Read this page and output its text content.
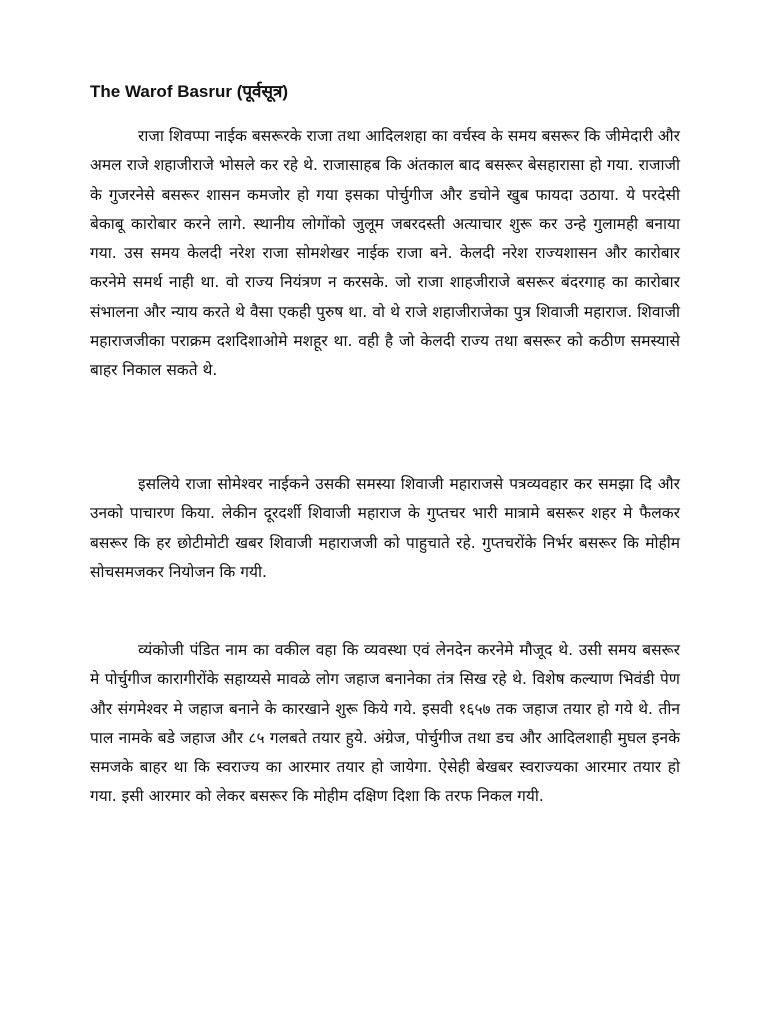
The Warof Basrur (पूर्वसूत्र)

राजा शिवप्पा नाईक बसरूरके राजा तथा आदिलशहा का वर्चस्व के समय बसरूर कि जीमेदारी और अमल राजे शहाजीराजे भोसले कर रहे थे. राजासाहब कि अंतकाल बाद बसरूर बेसहारासा हो गया. राजाजी के गुजरनेसे बसरूर शासन कमजोर हो गया इसका पोर्चुगीज और डचोने खुब फायदा उठाया. ये परदेसी बेकाबू कारोबार करने लागे. स्थानीय लोगोंको जुलूम जबरदस्ती अत्याचार शुरू कर उन्हे गुलामही बनाया गया. उस समय केलदी नरेश राजा सोमशेखर नाईक राजा बने. केलदी नरेश राज्यशासन और कारोबार करनेमे समर्थ नाही था. वो राज्य नियंत्रण न करसके. जो राजा शाहजीराजे बसरूर बंदरगाह का कारोबार संभालना और न्याय करते थे वैसा एकही पुरुष था. वो थे राजे शहाजीराजेका पुत्र शिवाजी महाराज. शिवाजी महाराजजीका पराक्रम दशदिशाओमे मशहूर था. वही है जो केलदी राज्य तथा बसरूर को कठीण समस्यासे बाहर निकाल सकते थे.

इसलिये राजा सोमेश्वर नाईकने उसकी समस्या शिवाजी महाराजसे पत्रव्यवहार कर समझा दि और उनको पाचारण किया. लेकीन दूरदर्शी शिवाजी महाराज के गुप्तचर भारी मात्रामे बसरूर शहर मे फैलकर बसरूर कि हर छोटीमोटी खबर शिवाजी महाराजजी को पाहुचाते रहे. गुप्तचरोंके निर्भर बसरूर कि मोहीम सोचसमजकर नियोजन कि गयी.

व्यंकोजी पंडित नाम का वकील वहा कि व्यवस्था एवं लेनदेन करनेमे मौजूद थे. उसी समय बसरूर मे पोर्चुगीज कारागीरोंके सहाय्यसे मावळे लोग जहाज बनानेका तंत्र सिख रहे थे. विशेष कल्याण भिवंडी पेण और संगमेश्वर मे जहाज बनाने के कारखाने शुरू किये गये. इसवी १६५७ तक जहाज तयार हो गये थे. तीन पाल नामके बडे जहाज और ८५ गलबते तयार हुये. अंग्रेज, पोर्चुगीज तथा डच और आदिलशाही मुघल इनके समजके बाहर था कि स्वराज्य का आरमार तयार हो जायेगा. ऐसेही बेखबर स्वराज्यका आरमार तयार हो गया. इसी आरमार को लेकर बसरूर कि मोहीम दक्षिण दिशा कि तरफ निकल गयी.
